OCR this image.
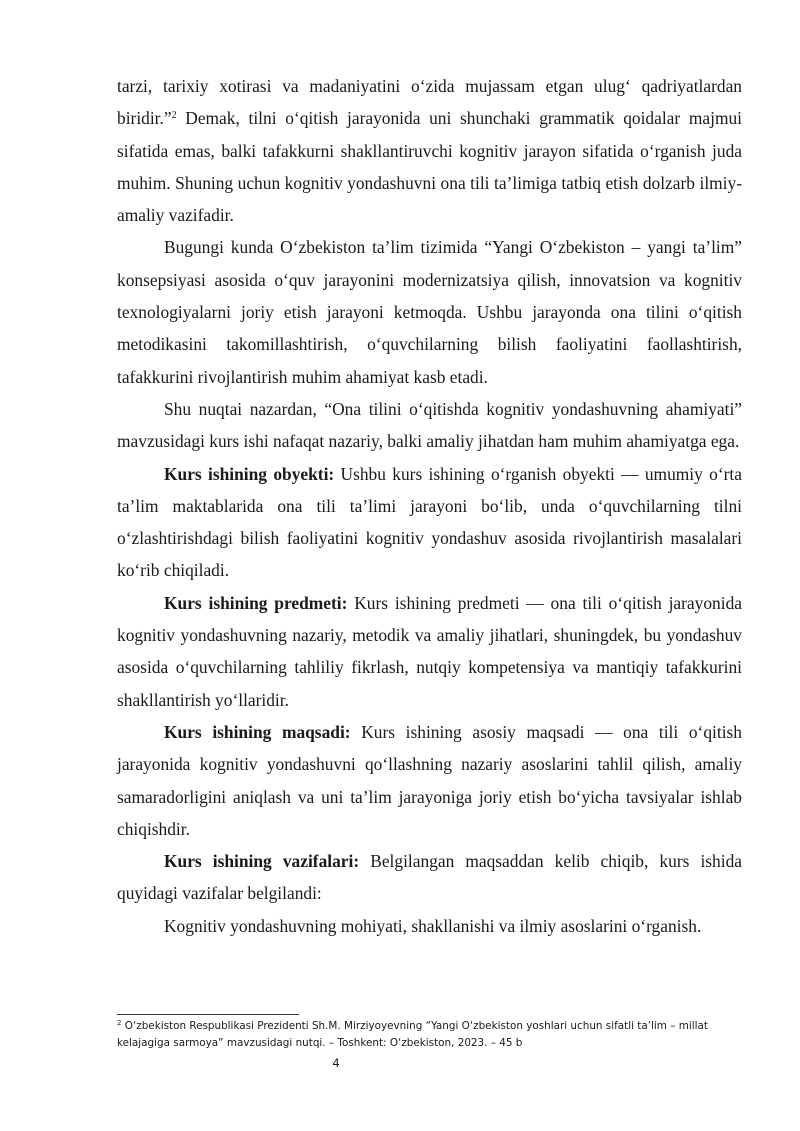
tarzi, tarixiy xotirasi va madaniyatini o‘zida mujassam etgan ulug‘ qadriyatlardan biridir.”$^2$ Demak, tilni o‘qitish jarayonida uni shunchaki grammatik qoidalar majmui sifatida emas, balki tafakkurni shakllantiruvchi kognitiv jarayon sifatida o‘rganish juda muhim. Shuning uchun kognitiv yondashuvni ona tili ta’limiga tatbiq etish dolzarb ilmiy-amaliy vazifadir.

Bugungi kunda O‘zbekiston ta’lim tizimida “Yangi O‘zbekiston – yangi ta’lim” konsepsiyasi asosida o‘quv jarayonini modernizatsiya qilish, innovatsion va kognitiv texnologiyalarni joriy etish jarayoni ketmoqda. Ushbu jarayonda ona tilini o‘qitish metodikasini takomillashtirish, o‘quvchilarning bilish faoliyatini faollashtirish, tafakkurini rivojlantirish muhim ahamiyat kasb etadi.

Shu nuqtai nazardan, “Ona tilini o‘qitishda kognitiv yondashuvning ahamiyati” mavzusidagi kurs ishi nafaqat nazariy, balki amaliy jihatdan ham muhim ahamiyatga ega.

Kurs ishining obyekti: Ushbu kurs ishining o‘rganish obyekti — umumiy o‘rta ta’lim maktablarida ona tili ta’limi jarayoni bo‘lib, unda o‘quvchilarning tilni o‘zlashtirishdagi bilish faoliyatini kognitiv yondashuv asosida rivojlantirish masalalari ko‘rib chiqiladi.

Kurs ishining predmeti: Kurs ishining predmeti — ona tili o‘qitish jarayonida kognitiv yondashuvning nazariy, metodik va amaliy jihatlari, shuningdek, bu yondashuv asosida o‘quvchilarning tahliliy fikrlash, nutqiy kompetensiya va mantiqiy tafakkurini shakllantirish yo‘llaridir.

Kurs ishining maqsadi: Kurs ishining asosiy maqsadi — ona tili o‘qitish jarayonida kognitiv yondashuvni qo‘llashning nazariy asoslarini tahlil qilish, amaliy samaradorligini aniqlash va uni ta’lim jarayoniga joriy etish bo‘yicha tavsiyalar ishlab chiqishdir.

Kurs ishining vazifalari: Belgilangan maqsaddan kelib chiqib, kurs ishida quyidagi vazifalar belgilandi:

Kognitiv yondashuvning mohiyati, shakllanishi va ilmiy asoslarini o‘rganish.

$^2$ O‘zbekiston Respublikasi Prezidenti Sh.M. Mirziyoyevning “Yangi O‘zbekiston yoshlari uchun sifatli ta’lim – millat kelajagiga sarmoya” mavzusidagi nutqi. – Toshkent: O‘zbekiston, 2023. – 45 b
4
